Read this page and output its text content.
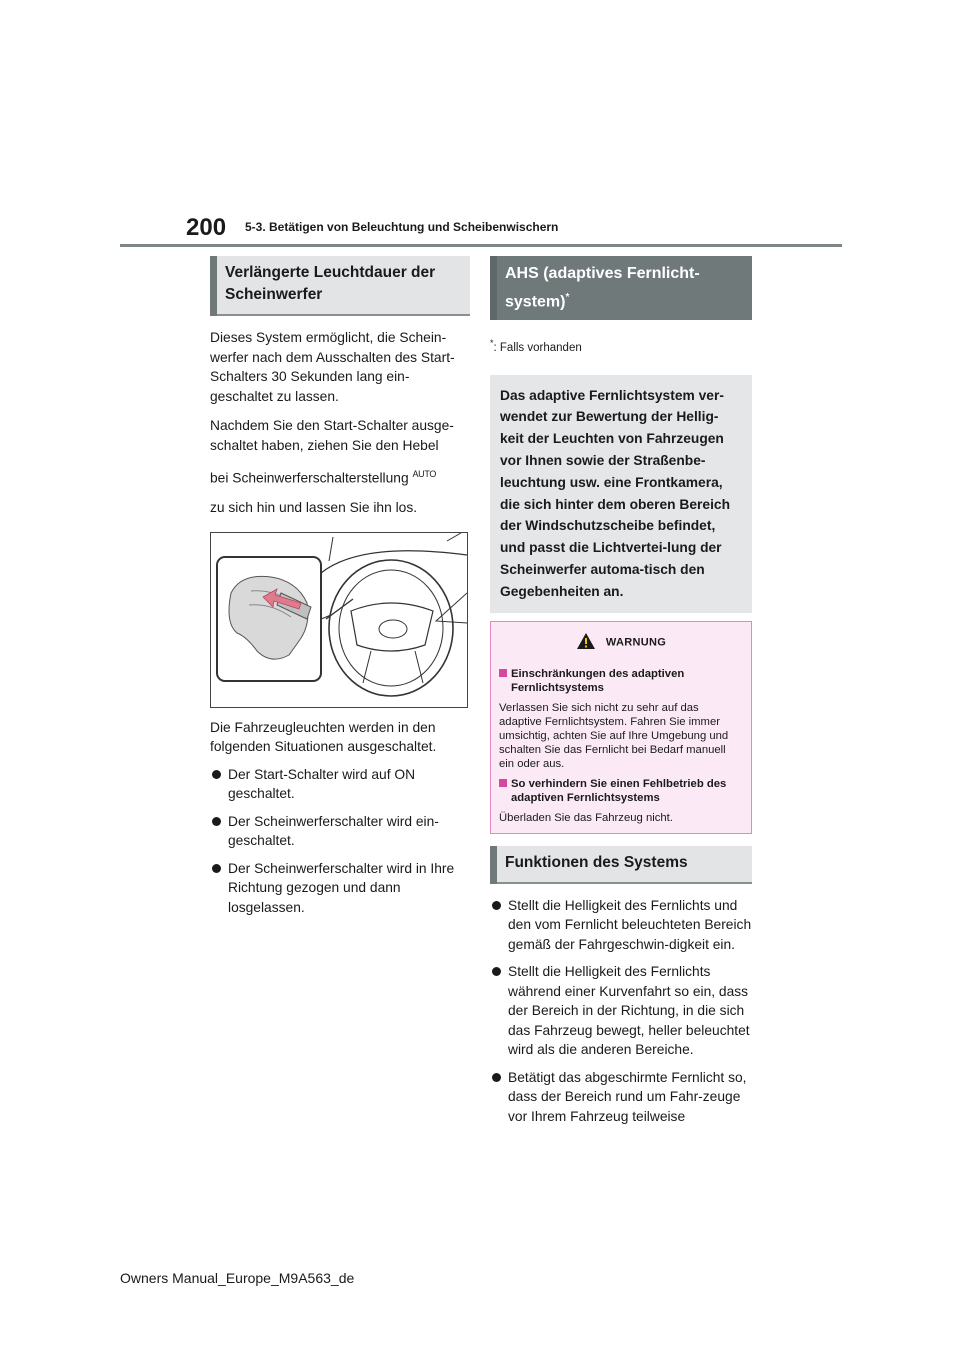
200 5-3. Betätigen von Beleuchtung und Scheibenwischern
Verlängerte Leuchtdauer der Scheinwerfer

Dieses System ermöglicht, die Schein-werfer nach dem Ausschalten des Start-Schalters 30 Sekunden lang ein-geschaltet zu lassen.

Nachdem Sie den Start-Schalter ausge-schaltet haben, ziehen Sie den Hebel

bei Scheinwerferschalterstellung $^{AUTO}$

zu sich hin und lassen Sie ihn los.

Die Fahrzeugleuchten werden in den folgenden Situationen ausgeschaltet.

Der Start-Schalter wird auf ON geschaltet.
Der Scheinwerferschalter wird ein-geschaltet.
Der Scheinwerferschalter wird in Ihre Richtung gezogen und dann losgelassen.
AHS (adaptives Fernlicht-system)*

*: Falls vorhanden

Das adaptive Fernlichtsystem ver-wendet zur Bewertung der Hellig-keit der Leuchten von Fahrzeugen vor Ihnen sowie der Straßenbe-leuchtung usw. eine Frontkamera, die sich hinter dem oberen Bereich der Windschutzscheibe befindet, und passt die Lichtvertei-lung der Scheinwerfer automa-tisch den Gegebenheiten an.
WARNUNG
Einschränkungen des adaptiven Fernlichtsystems
Verlassen Sie sich nicht zu sehr auf das adaptive Fernlichtsystem. Fahren Sie immer umsichtig, achten Sie auf Ihre Umgebung und schalten Sie das Fernlicht bei Bedarf manuell ein oder aus.
So verhindern Sie einen Fehlbetrieb des adaptiven Fernlichtsystems
Überladen Sie das Fahrzeug nicht.
Funktionen des Systems
Stellt die Helligkeit des Fernlichts und den vom Fernlicht beleuchteten Bereich gemäß der Fahrgeschwin-digkeit ein.
Stellt die Helligkeit des Fernlichts während einer Kurvenfahrt so ein, dass der Bereich in der Richtung, in die sich das Fahrzeug bewegt, heller beleuchtet wird als die anderen Bereiche.
Betätigt das abgeschirmte Fernlicht so, dass der Bereich rund um Fahr-zeuge vor Ihrem Fahrzeug teilweise
Owners Manual_Europe_M9A563_de
